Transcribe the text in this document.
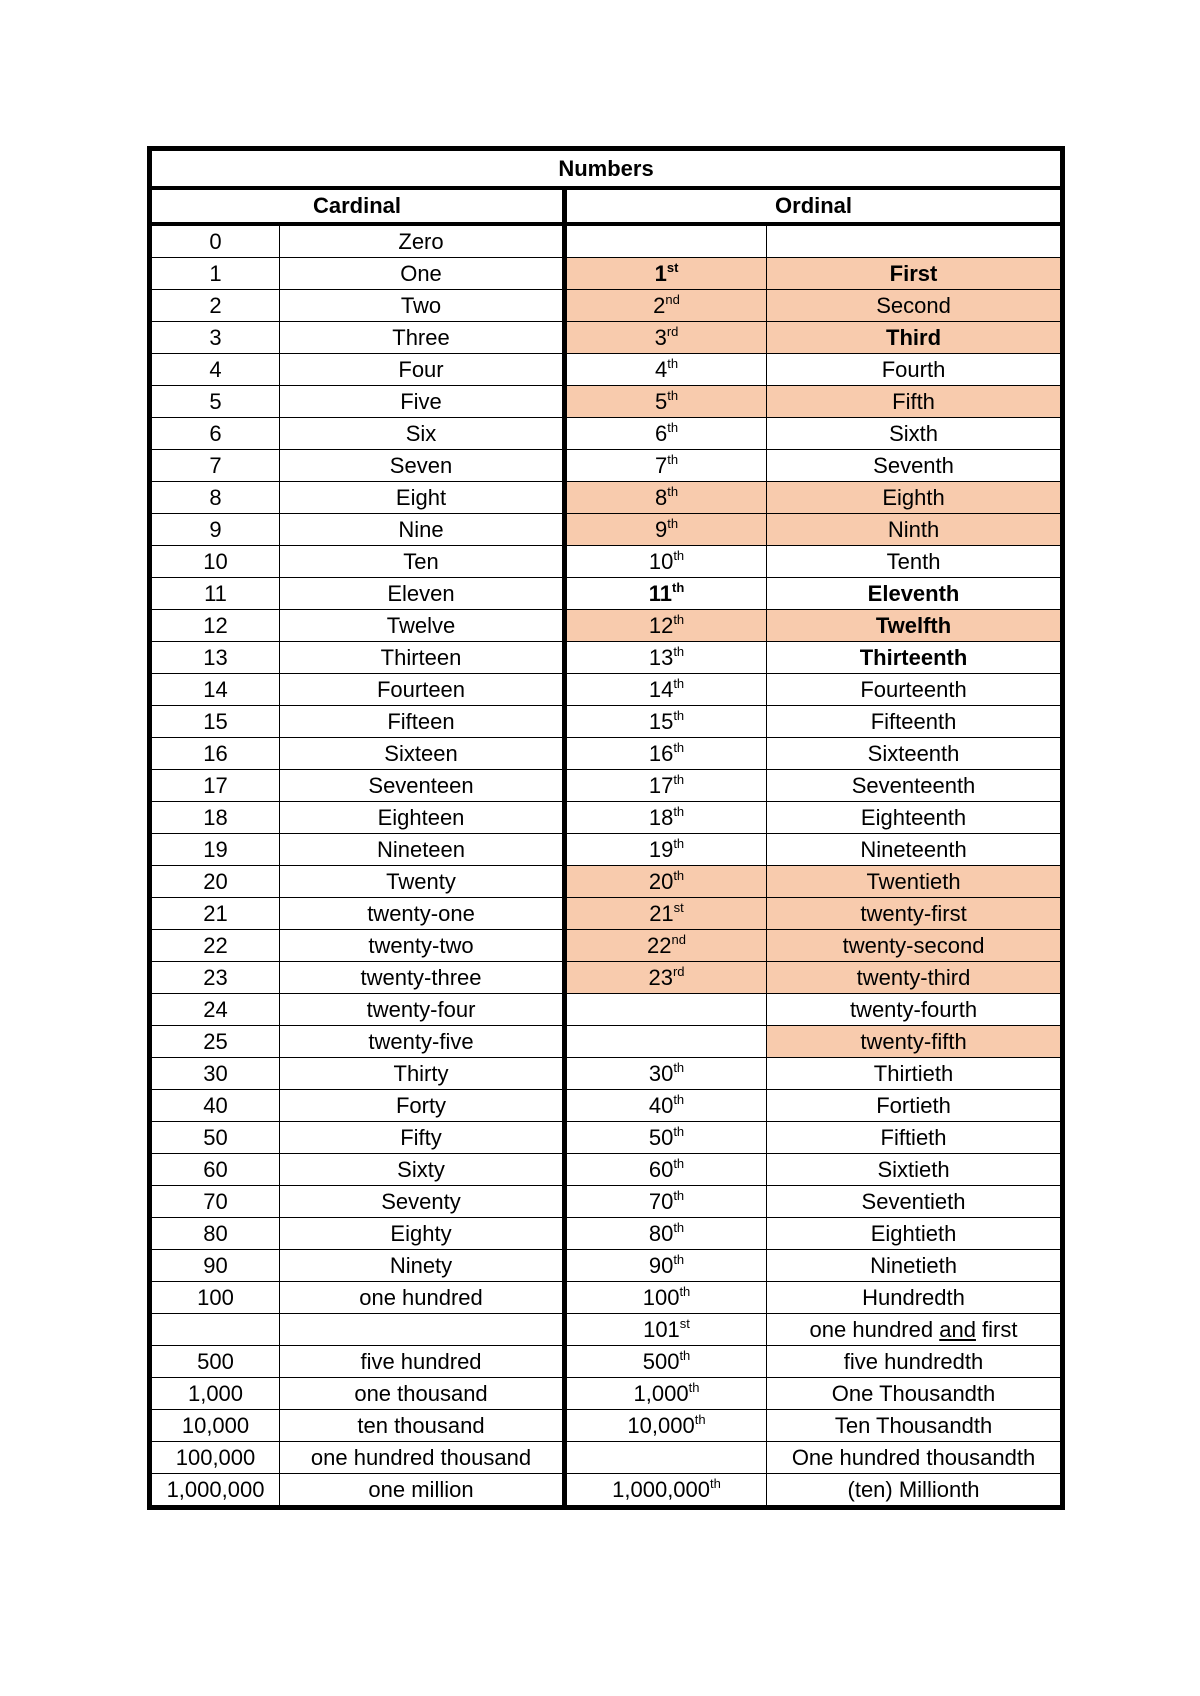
Numbers			
Cardinal		Ordinal	
0	Zero		
1	One	1st	First
2	Two	2nd	Second
3	Three	3rd	Third
4	Four	4th	Fourth
5	Five	5th	Fifth
6	Six	6th	Sixth
7	Seven	7th	Seventh
8	Eight	8th	Eighth
9	Nine	9th	Ninth
10	Ten	10th	Tenth
11	Eleven	11th	Eleventh
12	Twelve	12th	Twelfth
13	Thirteen	13th	Thirteenth
14	Fourteen	14th	Fourteenth
15	Fifteen	15th	Fifteenth
16	Sixteen	16th	Sixteenth
17	Seventeen	17th	Seventeenth
18	Eighteen	18th	Eighteenth
19	Nineteen	19th	Nineteenth
20	Twenty	20th	Twentieth
21	twenty-one	21st	twenty-first
22	twenty-two	22nd	twenty-second
23	twenty-three	23rd	twenty-third
24	twenty-four		twenty-fourth
25	twenty-five		twenty-fifth
30	Thirty	30th	Thirtieth
40	Forty	40th	Fortieth
50	Fifty	50th	Fiftieth
60	Sixty	60th	Sixtieth
70	Seventy	70th	Seventieth
80	Eighty	80th	Eightieth
90	Ninety	90th	Ninetieth
100	one hundred	100th	Hundredth
		101st	one hundred and first
500	five hundred	500th	five hundredth
1,000	one thousand	1,000th	One Thousandth
10,000	ten thousand	10,000th	Ten Thousandth
100,000	one hundred thousand		One hundred thousandth
1,000,000	one million	1,000,000th	(ten) Millionth
